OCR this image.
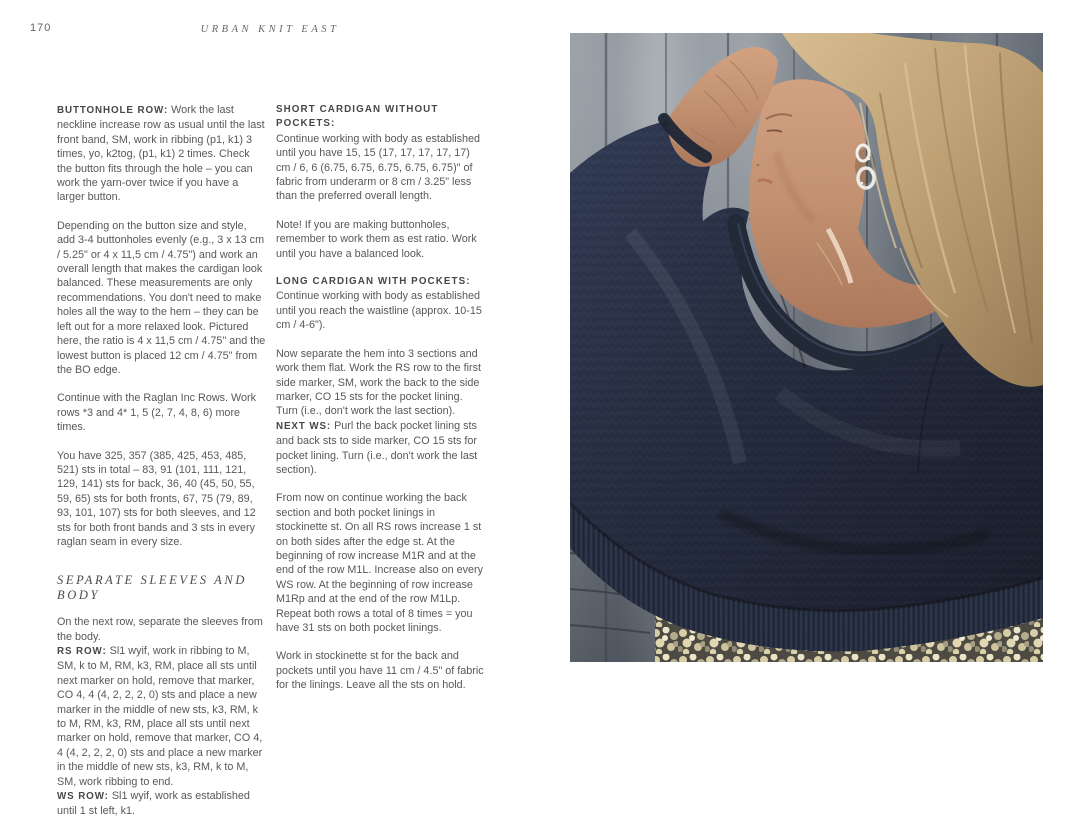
170	URBAN KNIT EAST

BUTTONHOLE ROW: Work the last neckline increase row as usual until the last front band, SM, work in ribbing (p1, k1) 3 times, yo, k2tog, (p1, k1) 2 times. Check the button fits through the hole – you can work the yarn-over twice if you have a larger button.

Depending on the button size and style, add 3-4 buttonholes evenly (e.g., 3 x 13 cm / 5.25" or 4 x 11,5 cm / 4.75") and work an overall length that makes the cardigan look balanced. These measurements are only recommendations. You don't need to make holes all the way to the hem – they can be left out for a more relaxed look. Pictured here, the ratio is 4 x 11,5 cm / 4.75" and the lowest button is placed 12 cm / 4.75" from the BO edge.

Continue with the Raglan Inc Rows. Work rows *3 and 4* 1, 5 (2, 7, 4, 8, 6) more times.

You have 325, 357 (385, 425, 453, 485, 521) sts in total – 83, 91 (101, 111, 121, 129, 141) sts for back, 36, 40 (45, 50, 55, 59, 65) sts for both fronts, 67, 75 (79, 89, 93, 101, 107) sts for both sleeves, and 12 sts for both front bands and 3 sts in every raglan seam in every size.

SEPARATE SLEEVES AND BODY

On the next row, separate the sleeves from the body.

RS ROW: Sl1 wyif, work in ribbing to M, SM, k to M, RM, k3, RM, place all sts until next marker on hold, remove that marker, CO 4, 4 (4, 2, 2, 2, 0) sts and place a new marker in the middle of new sts, k3, RM, k to M, RM, k3, RM, place all sts until next marker on hold, remove that marker, CO 4, 4 (4, 2, 2, 2, 0) sts and place a new marker in the middle of new sts, k3, RM, k to M, SM, work ribbing to end.

WS ROW: Sl1 wyif, work as established until 1 st left, k1.

SHORT CARDIGAN WITHOUT POCKETS:

Continue working with body as established until you have 15, 15 (17, 17, 17, 17, 17) cm / 6, 6 (6.75, 6.75, 6.75, 6.75, 6.75)" of fabric from underarm or 8 cm / 3.25" less than the preferred overall length.

Note! If you are making buttonholes, remember to work them as est ratio. Work until you have a balanced look.

LONG CARDIGAN WITH POCKETS:

Continue working with body as established until you reach the waistline (approx. 10-15 cm / 4-6").

Now separate the hem into 3 sections and work them flat. Work the RS row to the first side marker, SM, work the back to the side marker, CO 15 sts for the pocket lining. Turn (i.e., don't work the last section).

NEXT WS: Purl the back pocket lining sts and back sts to side marker, CO 15 sts for pocket lining. Turn (i.e., don't work the last section).

From now on continue working the back section and both pocket linings in stockinette st. On all RS rows increase 1 st on both sides after the edge st. At the beginning of row increase M1R and at the end of the row M1L. Increase also on every WS row. At the beginning of row increase M1Rp and at the end of the row M1Lp. Repeat both rows a total of 8 times = you have 31 sts on both pocket linings.

Work in stockinette st for the back and pockets until you have 11 cm / 4.5" of fabric for the linings. Leave all the sts on hold.
